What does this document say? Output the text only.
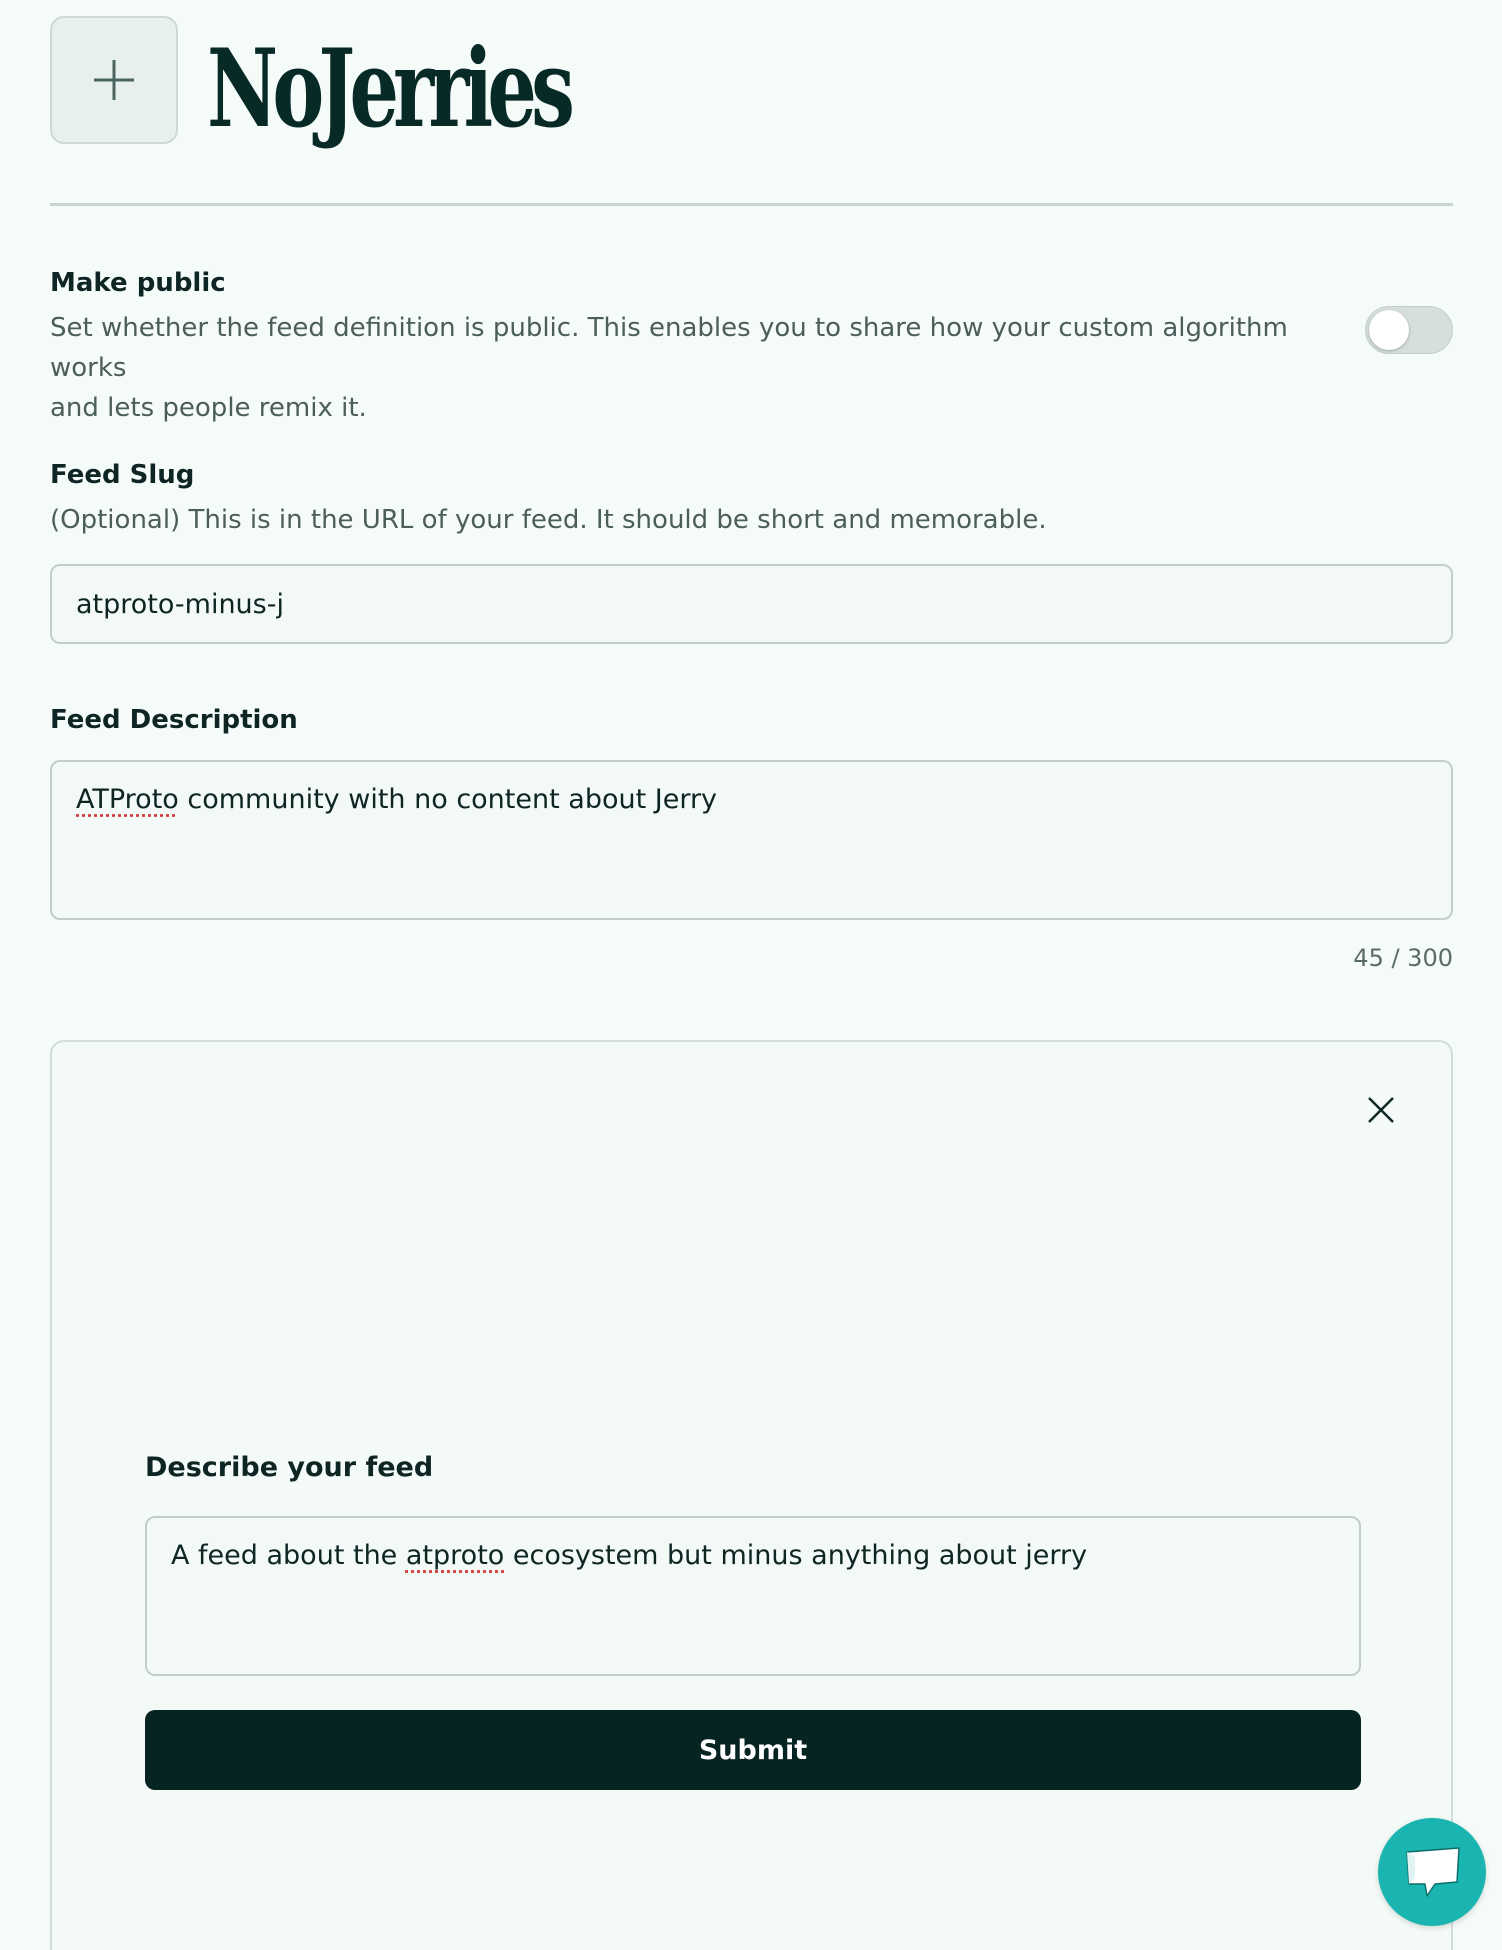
NoJerries
Make public
Set whether the feed definition is public. This enables you to share how your custom algorithm works
and lets people remix it.
Feed Slug
(Optional) This is in the URL of your feed. It should be short and memorable.
atproto-minus-j
Feed Description
ATProto community with no content about Jerry
45 / 300
Describe your feed
A feed about the atproto ecosystem but minus anything about jerry
Submit
